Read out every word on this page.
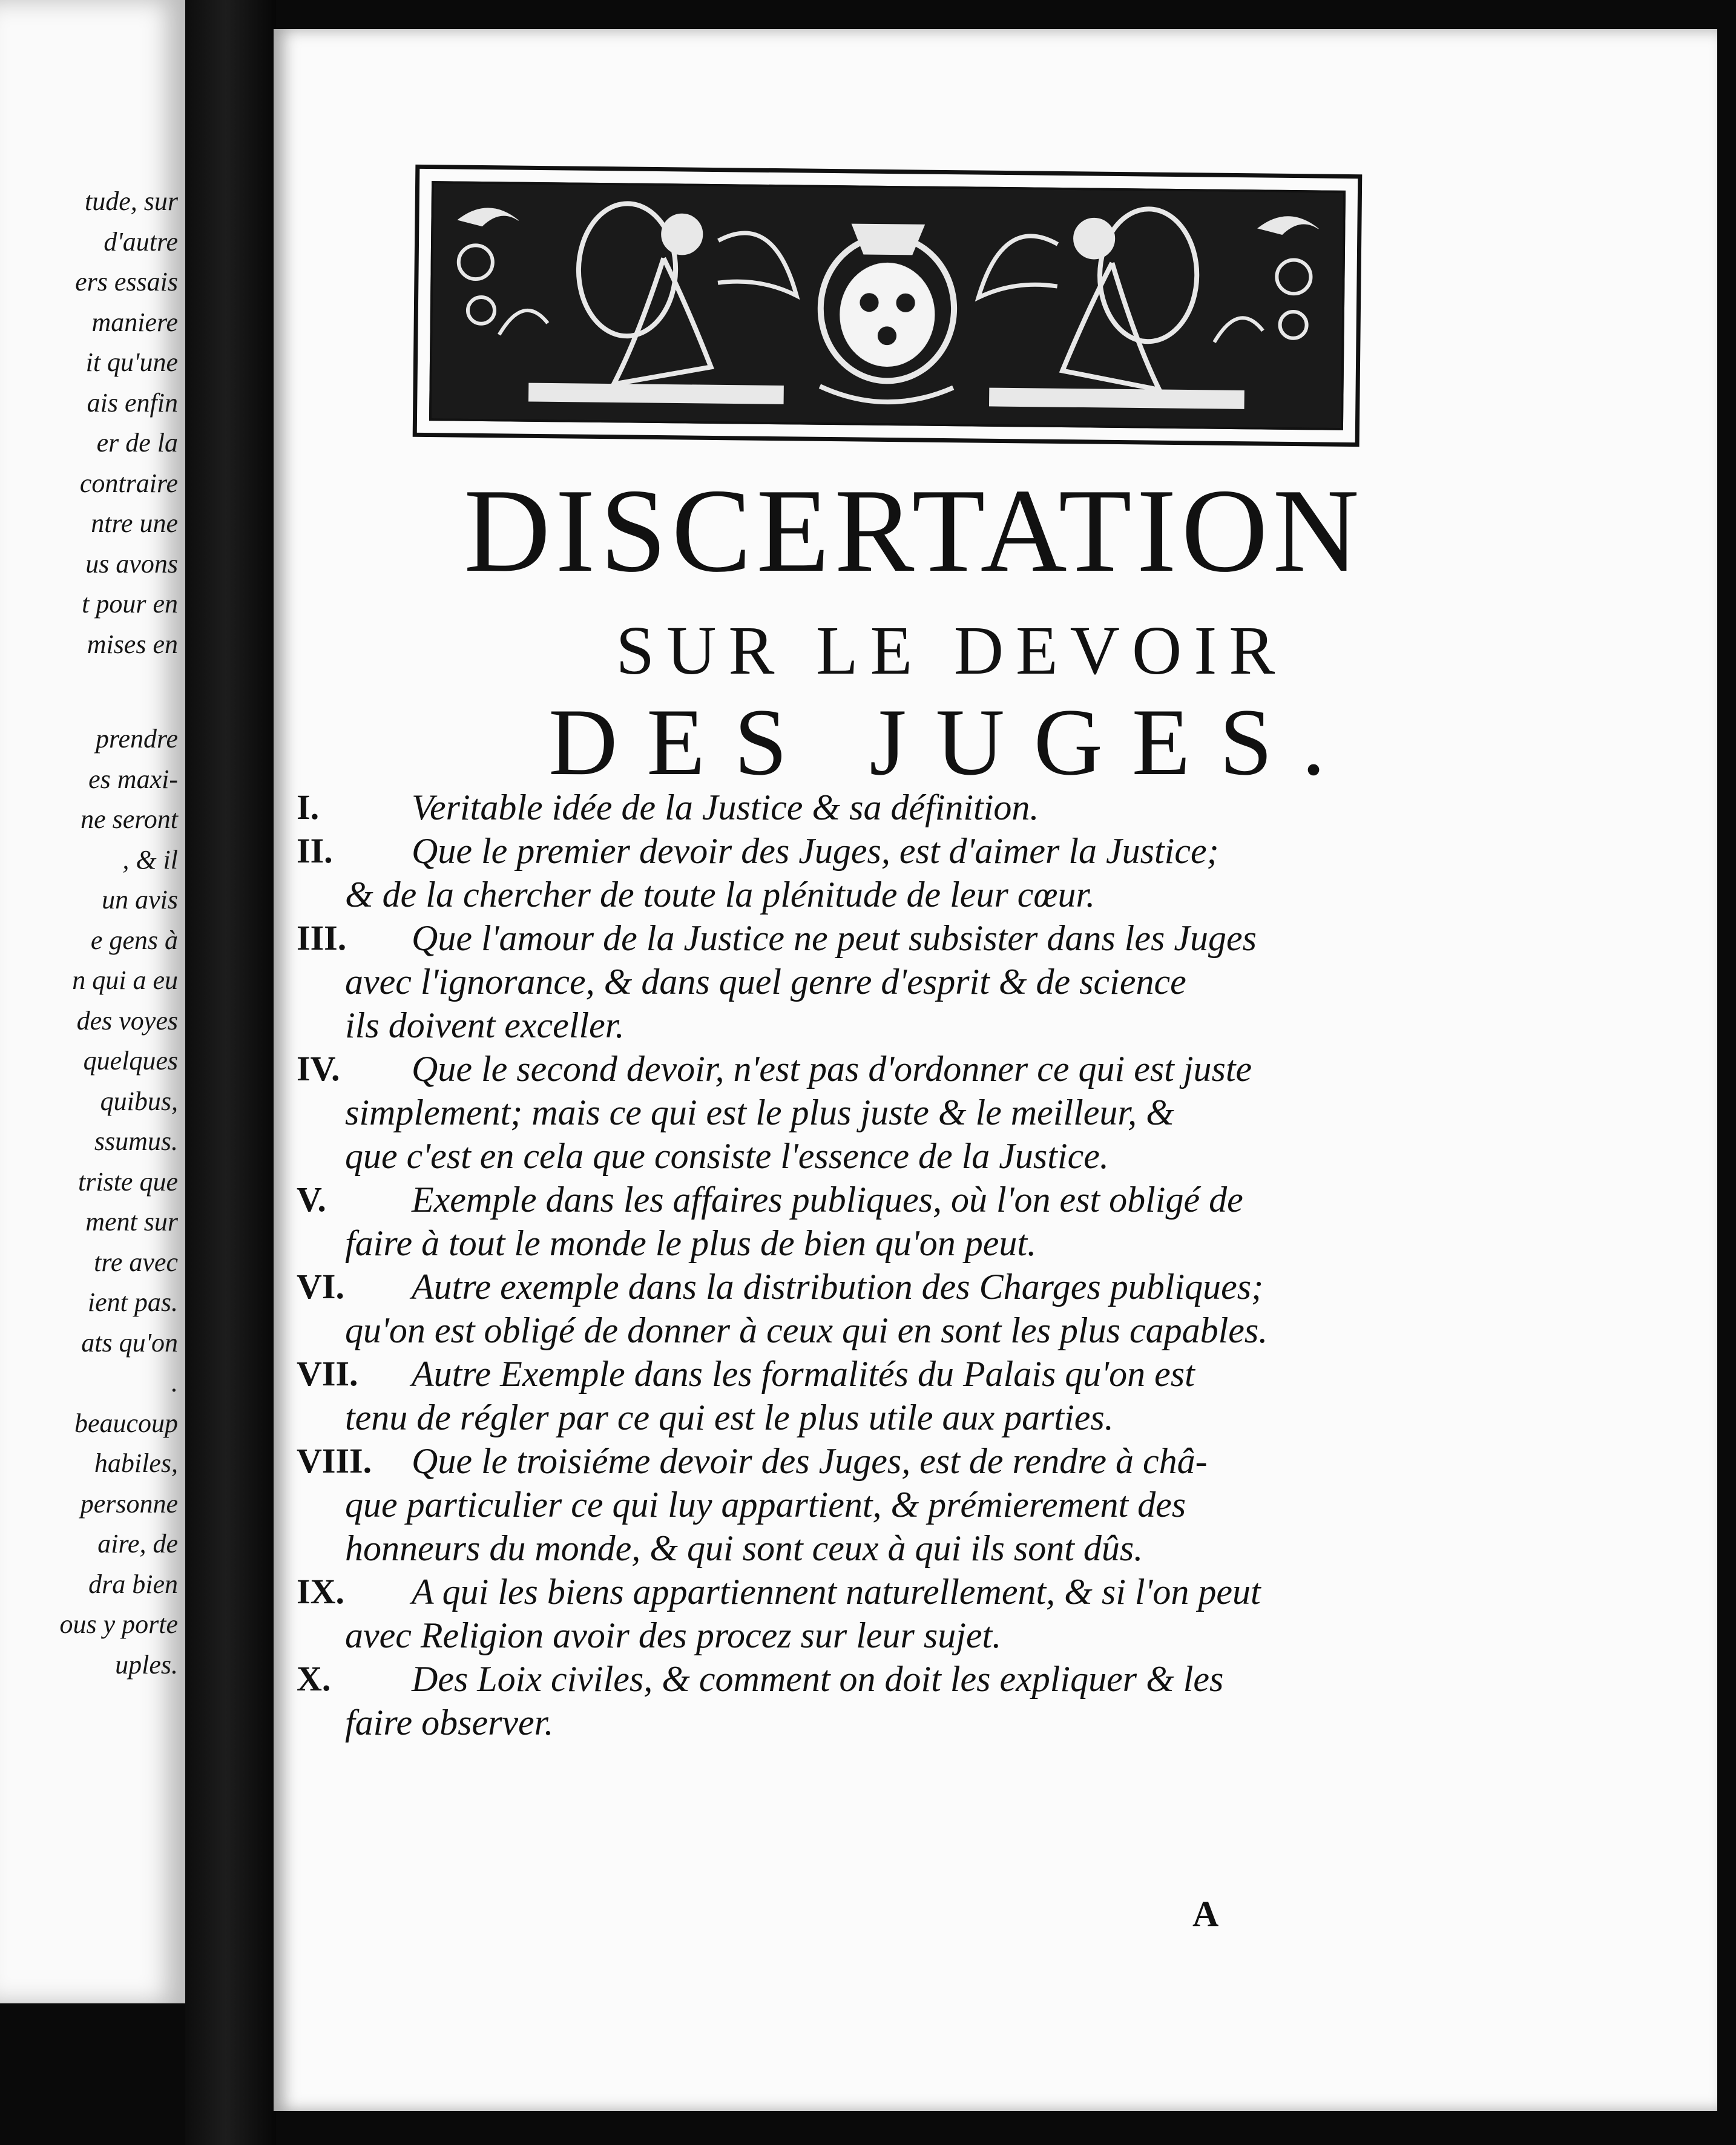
tude, sur
d'autre
ers essais
maniere
it qu'une
ais enfin
er de la
contraire
ntre une
us avons
t pour en
mises en
prendre
es maxi-
ne seront
, & il
un avis
e gens à
n qui a eu
des voyes
quelques
quibus,
ssumus.
triste que
ment sur
tre avec
ient pas.
ats qu'on
.
beaucoup
habiles,
personne
aire, de
dra bien
ous y porte
uples.
DISCERTATION
SUR LE DEVOIR
DES JUGES.
I.	Veritable idée de la Justice & sa définition.
II. Que le premier devoir des Juges, est d'aimer la Justice;
& de la chercher de toute la plénitude de leur cœur.
III. Que l'amour de la Justice ne peut subsister dans les Juges
avec l'ignorance, & dans quel genre d'esprit & de science
ils doivent exceller.
IV. Que le second devoir, n'est pas d'ordonner ce qui est juste
simplement; mais ce qui est le plus juste & le meilleur, &
que c'est en cela que consiste l'essence de la Justice.
V. Exemple dans les affaires publiques, où l'on est obligé de
faire à tout le monde le plus de bien qu'on peut.
VI. Autre exemple dans la distribution des Charges publiques;
qu'on est obligé de donner à ceux qui en sont les plus capables.
VII. Autre Exemple dans les formalités du Palais qu'on est
tenu de régler par ce qui est le plus utile aux parties.
VIII. Que le troisiéme devoir des Juges, est de rendre à châ-
que particulier ce qui luy appartient, & prémierement des
honneurs du monde, & qui sont ceux à qui ils sont dûs.
IX. A qui les biens appartiennent naturellement, & si l'on peut
avec Religion avoir des procez sur leur sujet.
X. Des Loix civiles, & comment on doit les expliquer & les
faire observer.
A
